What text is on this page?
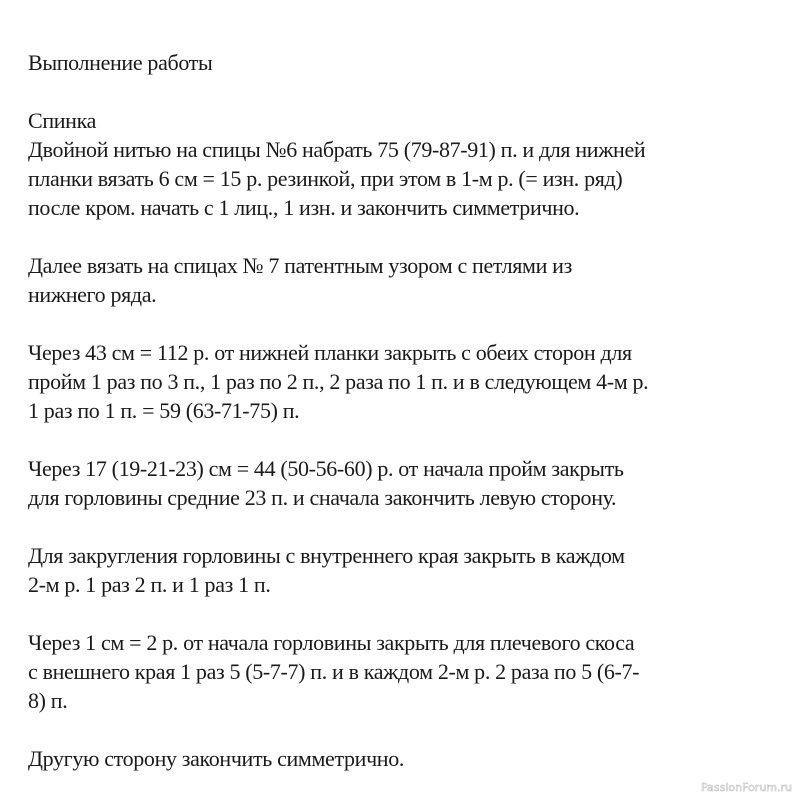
Выполнение работы
Спинка
Двойной нитью на спицы №6 набрать 75 (79-87-91) п. и для нижней
планки вязать 6 см = 15 р. резинкой, при этом в 1-м р. (= изн. ряд)
после кром. начать с 1 лиц., 1 изн. и закончить симметрично.
Далее вязать на спицах № 7 патентным узором с петлями из
нижнего ряда.
Через 43 см = 112 р. от нижней планки закрыть с обеих сторон для
пройм 1 раз по 3 п., 1 раз по 2 п., 2 раза по 1 п. и в следующем 4-м р.
1 раз по 1 п. = 59 (63-71-75) п.
Через 17 (19-21-23) см = 44 (50-56-60) р. от начала пройм закрыть
для горловины средние 23 п. и сначала закончить левую сторону.
Для закругления горловины с внутреннего края закрыть в каждом
2-м р. 1 раз 2 п. и 1 раз 1 п.
Через 1 см = 2 р. от начала горловины закрыть для плечевого скоса
с внешнего края 1 раз 5 (5-7-7) п. и в каждом 2-м р. 2 раза по 5 (6-7-
8) п.
Другую сторону закончить симметрично.
PassionForum.ru
